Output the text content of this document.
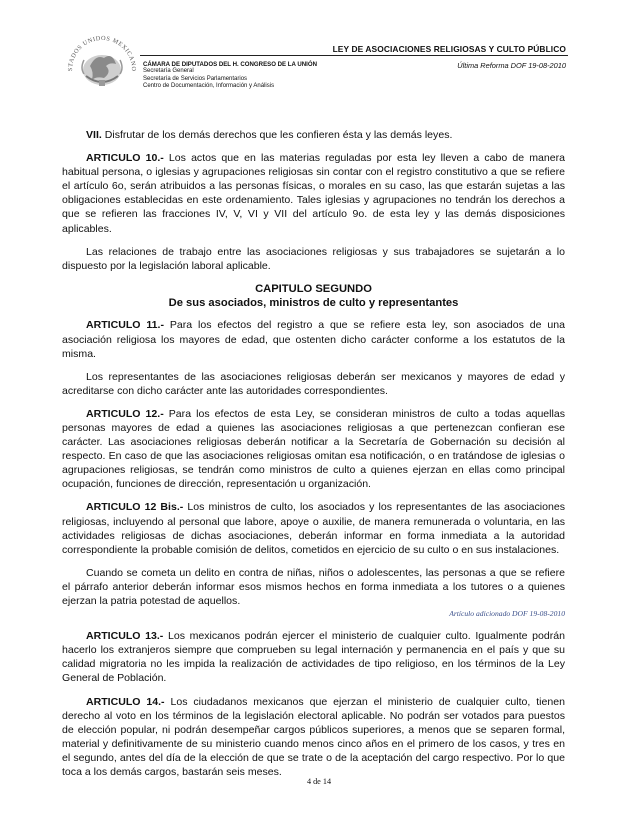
STADOS UNIDOS MEXICANO
LEY DE ASOCIACIONES RELIGIOSAS Y CULTO PÚBLICO
CÁMARA DE DIPUTADOS DEL H. CONGRESO DE LA UNIÓN
Secretaría General
Secretaría de Servicios Parlamentarios
Centro de Documentación, Información y Análisis
Última Reforma DOF 19-08-2010

VII. Disfrutar de los demás derechos que les confieren ésta y las demás leyes.

ARTICULO 10.- Los actos que en las materias reguladas por esta ley lleven a cabo de manera habitual persona, o iglesias y agrupaciones religiosas sin contar con el registro constitutivo a que se refiere el artículo 6o, serán atribuidos a las personas físicas, o morales en su caso, las que estarán sujetas a las obligaciones establecidas en este ordenamiento. Tales iglesias y agrupaciones no tendrán los derechos a que se refieren las fracciones IV, V, VI y VII del artículo 9o. de esta ley y las demás disposiciones aplicables.

Las relaciones de trabajo entre las asociaciones religiosas y sus trabajadores se sujetarán a lo dispuesto por la legislación laboral aplicable.

CAPITULO SEGUNDO
De sus asociados, ministros de culto y representantes

ARTICULO 11.- Para los efectos del registro a que se refiere esta ley, son asociados de una asociación religiosa los mayores de edad, que ostenten dicho carácter conforme a los estatutos de la misma.

Los representantes de las asociaciones religiosas deberán ser mexicanos y mayores de edad y acreditarse con dicho carácter ante las autoridades correspondientes.

ARTICULO 12.- Para los efectos de esta Ley, se consideran ministros de culto a todas aquellas personas mayores de edad a quienes las asociaciones religiosas a que pertenezcan confieran ese carácter. Las asociaciones religiosas deberán notificar a la Secretaría de Gobernación su decisión al respecto. En caso de que las asociaciones religiosas omitan esa notificación, o en tratándose de iglesias o agrupaciones religiosas, se tendrán como ministros de culto a quienes ejerzan en ellas como principal ocupación, funciones de dirección, representación u organización.

ARTICULO 12 Bis.- Los ministros de culto, los asociados y los representantes de las asociaciones religiosas, incluyendo al personal que labore, apoye o auxilie, de manera remunerada o voluntaria, en las actividades religiosas de dichas asociaciones, deberán informar en forma inmediata a la autoridad correspondiente la probable comisión de delitos, cometidos en ejercicio de su culto o en sus instalaciones.

Cuando se cometa un delito en contra de niñas, niños o adolescentes, las personas a que se refiere el párrafo anterior deberán informar esos mismos hechos en forma inmediata a los tutores o a quienes ejerzan la patria potestad de aquellos.

Artículo adicionado DOF 19-08-2010

ARTICULO 13.- Los mexicanos podrán ejercer el ministerio de cualquier culto. Igualmente podrán hacerlo los extranjeros siempre que comprueben su legal internación y permanencia en el país y que su calidad migratoria no les impida la realización de actividades de tipo religioso, en los términos de la Ley General de Población.

ARTICULO 14.- Los ciudadanos mexicanos que ejerzan el ministerio de cualquier culto, tienen derecho al voto en los términos de la legislación electoral aplicable. No podrán ser votados para puestos de elección popular, ni podrán desempeñar cargos públicos superiores, a menos que se separen formal, material y definitivamente de su ministerio cuando menos cinco años en el primero de los casos, y tres en el segundo, antes del día de la elección de que se trate o de la aceptación del cargo respectivo. Por lo que toca a los demás cargos, bastarán seis meses.

4 de 14
